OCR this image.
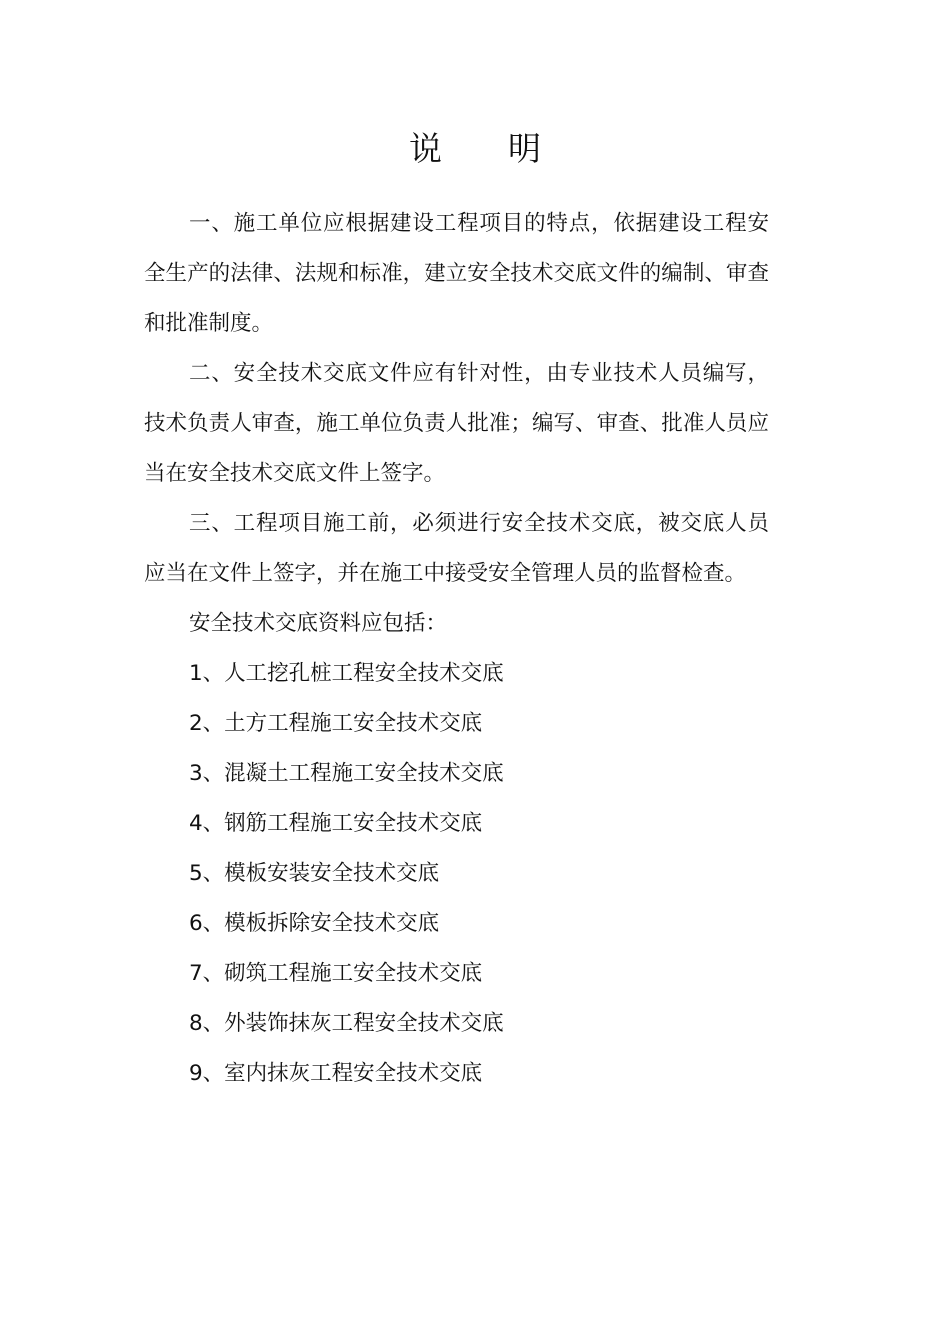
说 明

一、施工单位应根据建设工程项目的特点，依据建设工程安全生产的法律、法规和标准，建立安全技术交底文件的编制、审查和批准制度。

二、安全技术交底文件应有针对性，由专业技术人员编写，技术负责人审查，施工单位负责人批准；编写、审查、批准人员应当在安全技术交底文件上签字。

三、工程项目施工前，必须进行安全技术交底，被交底人员应当在文件上签字，并在施工中接受安全管理人员的监督检查。

安全技术交底资料应包括：

1、人工挖孔桩工程安全技术交底

2、土方工程施工安全技术交底

3、混凝土工程施工安全技术交底

4、钢筋工程施工安全技术交底

5、模板安装安全技术交底

6、模板拆除安全技术交底

7、砌筑工程施工安全技术交底

8、外装饰抹灰工程安全技术交底

9、室内抹灰工程安全技术交底
